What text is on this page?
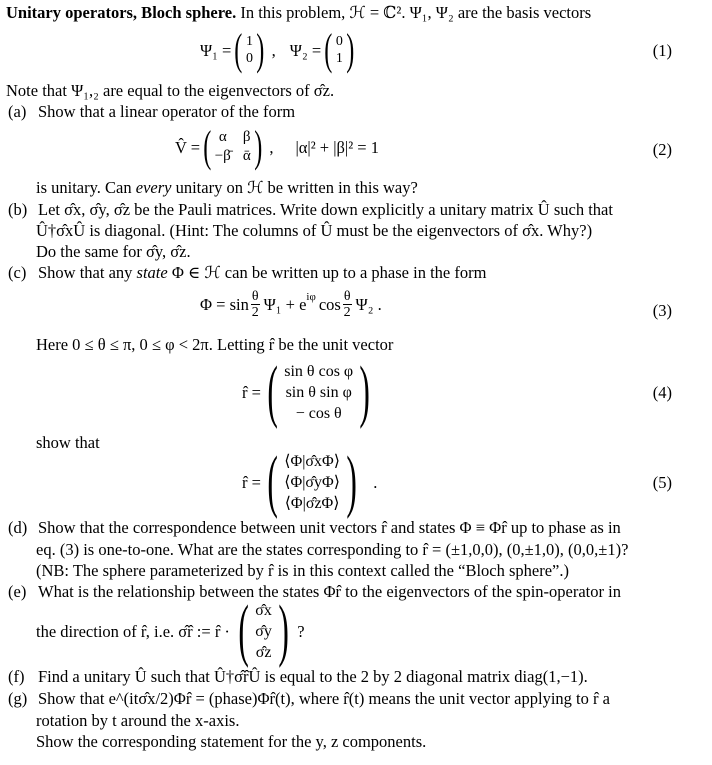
Unitary operators, Bloch sphere. In this problem, ℋ = ℂ². Ψ₁, Ψ₂ are the basis vectors
Ψ₁ = ( 1
0 ) , Ψ₂ = ( 0
1 )	(1)
Note that Ψ₁,₂ are equal to the eigenvectors of σ̂z.
(a) Show that a linear operator of the form
V̂ = ( α β
−β̄ ᾱ ) , |α|² + |β|² = 1	(2)
is unitary. Can every unitary on ℋ be written in this way?
(b) Let σ̂x, σ̂y, σ̂z be the Pauli matrices. Write down explicitly a unitary matrix Û such that
Û†σ̂xÛ is diagonal. (Hint: The columns of Û must be the eigenvectors of σ̂x. Why?)
Do the same for σ̂y, σ̂z.
(c) Show that any state Φ ∈ ℋ can be written up to a phase in the form
$\Phi = \sin \frac{\theta}{2} \Psi_1 + e^{i\varphi}$ $\cos \frac{\theta}{2} \Psi_2$ .	(3)
Here 0 ≤ θ ≤ π, 0 ≤ φ < 2π. Letting r̂ be the unit vector
r̂ = ( sin θ cos φ
sin θ sin φ
− cos θ )	(4)
show that
r̂ = ( ⟨Φ|σ̂xΦ⟩
⟨Φ|σ̂yΦ⟩
⟨Φ|σ̂zΦ⟩ ) .	(5)
(d) Show that the correspondence between unit vectors r̂ and states Φ ≡ Φr̂ up to phase as in
eq. (3) is one-to-one. What are the states corresponding to r̂ = (±1,0,0), (0,±1,0), (0,0,±1)?
(NB: The sphere parameterized by r̂ is in this context called the “Bloch sphere”.)
(e) What is the relationship between the states Φr̂ to the eigenvectors of the spin-operator in
the direction of r̂, i.e. σ̂r̂ := r̂ · ( σ̂x
σ̂y
σ̂z ) ?
(f) Find a unitary Û such that Û†σ̂r̂Û is equal to the 2 by 2 diagonal matrix diag(1,−1).
(g) Show that e^(itσ̂x/2)Φr̂ = (phase)Φr̂(t), where r̂(t) means the unit vector applying to r̂ a
rotation by t around the x-axis.
Show the corresponding statement for the y, z components.
